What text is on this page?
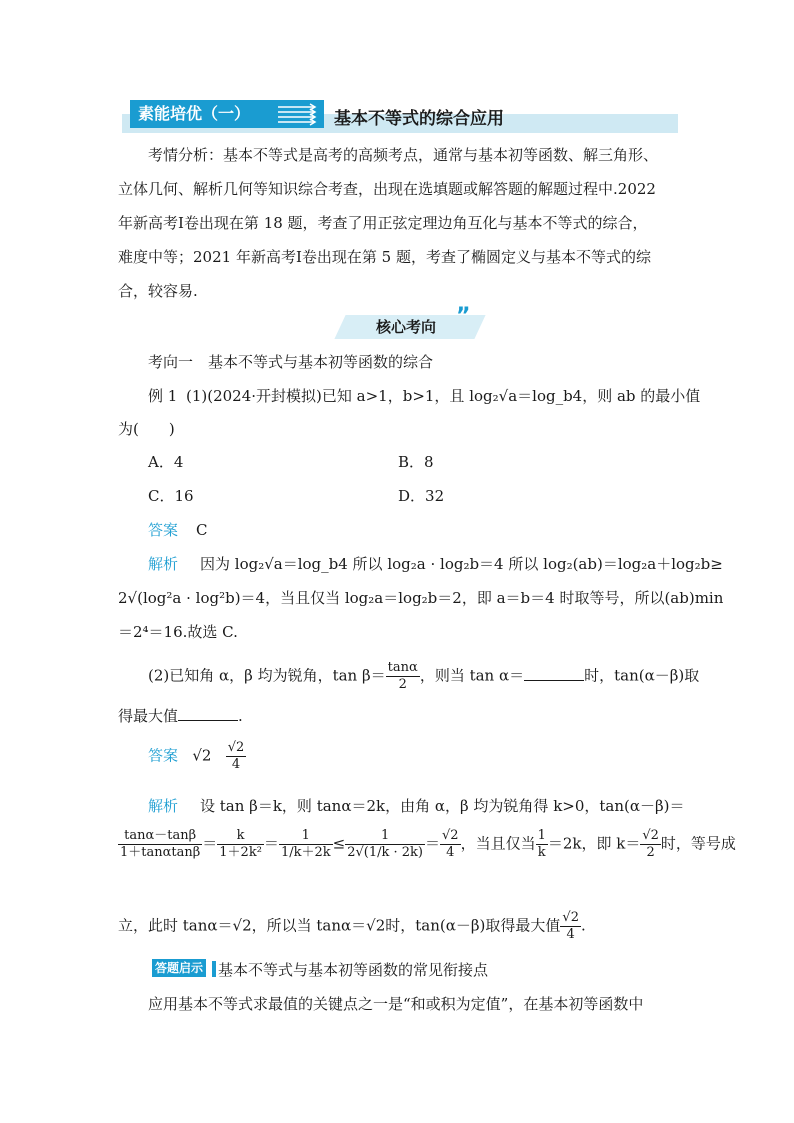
素能培优（一）	基本不等式的综合应用
考情分析：基本不等式是高考的高频考点，通常与基本初等函数、解三角形、
立体几何、解析几何等知识综合考查，出现在选填题或解答题的解题过程中.2022
年新高考Ⅰ卷出现在第 18 题，考查了用正弦定理边角互化与基本不等式的综合，
难度中等；2021 年新高考Ⅰ卷出现在第 5 题，考查了椭圆定义与基本不等式的综
合，较容易.
核心考向 ”
考向一　基本不等式与基本初等函数的综合
例 1 (1)(2024·开封模拟)已知 a>1，b>1，且 log₂√a＝log_b4，则 ab 的最小值
为(　　)
A．4	B．8
C．16	D．32
答案 C
解析 因为 log₂√a＝log_b4 所以 log₂a · log₂b＝4 所以 log₂(ab)＝log₂a＋log₂b≥
2√(log²a · log²b)＝4，当且仅当 log₂a＝log₂b＝2，即 a＝b＝4 时取等号，所以(ab)min
＝2⁴＝16.故选 C.
(2)已知角 α，β 均为锐角，$\tan \beta= \frac{\tan\alpha}{2}$ ，则当 tan α＝	时，tan(α－β)取
得最大值	.
答案 $√2 \frac{√2}{4}$
解析 设 tan β＝k，则 tanα＝2k，由角 α，β 均为锐角得 k>0，tan(α－β)＝
$\frac{\tan\alpha-\tan\beta}{1+\tan\alpha\tan\beta} = \frac{k}{\text{1＋2k²}} = \frac{1}{1/k+2k} \le \frac{1}{2√(1/k \cdot 2k)} = \frac{√2}{4}$ ，当且仅当 $\frac{1}{k} =2k$，即 $k= \frac{√2}{2}$ 时，等号成
立，此时 tanα＝√2，所以当 tanα＝√2时，tan(α－β)取得最大值 $\frac{√2}{4}$ .
答题启示 基本不等式与基本初等函数的常见衔接点
应用基本不等式求最值的关键点之一是“和或积为定值”，在基本初等函数中
